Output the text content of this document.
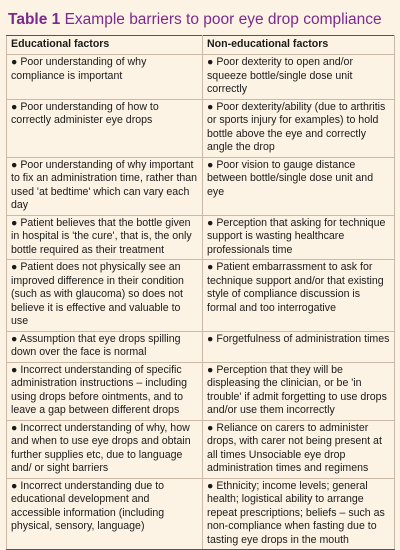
Table 1 Example barriers to poor eye drop compliance
Educational factors	Non-educational factors
● Poor understanding of why compliance is important	● Poor dexterity to open and/or squeeze bottle/single dose unit correctly
● Poor understanding of how to correctly administer eye drops	● Poor dexterity/ability (due to arthritis or sports injury for examples) to hold bottle above the eye and correctly angle the drop
● Poor understanding of why important to fix an administration time, rather than used 'at bedtime' which can vary each day	● Poor vision to gauge distance between bottle/single dose unit and eye
● Patient believes that the bottle given in hospital is 'the cure', that is, the only bottle required as their treatment	● Perception that asking for technique support is wasting healthcare professionals time
● Patient does not physically see an improved difference in their condition (such as with glaucoma) so does not believe it is effective and valuable to use	● Patient embarrassment to ask for technique support and/or that existing style of compliance discussion is formal and too interrogative
● Assumption that eye drops spilling down over the face is normal	● Forgetfulness of administration times
● Incorrect understanding of specific administration instructions – including using drops before ointments, and to leave a gap between different drops	● Perception that they will be displeasing the clinician, or be 'in trouble' if admit forgetting to use drops and/or use them incorrectly
● Incorrect understanding of why, how and when to use eye drops and obtain further supplies etc, due to language and/ or sight barriers	● Reliance on carers to administer drops, with carer not being present at all times Unsociable eye drop administration times and regimens
● Incorrect understanding due to educational development and accessible information (including physical, sensory, language)	● Ethnicity; income levels; general health; logistical ability to arrange repeat prescriptions; beliefs – such as non-compliance when fasting due to tasting eye drops in the mouth
